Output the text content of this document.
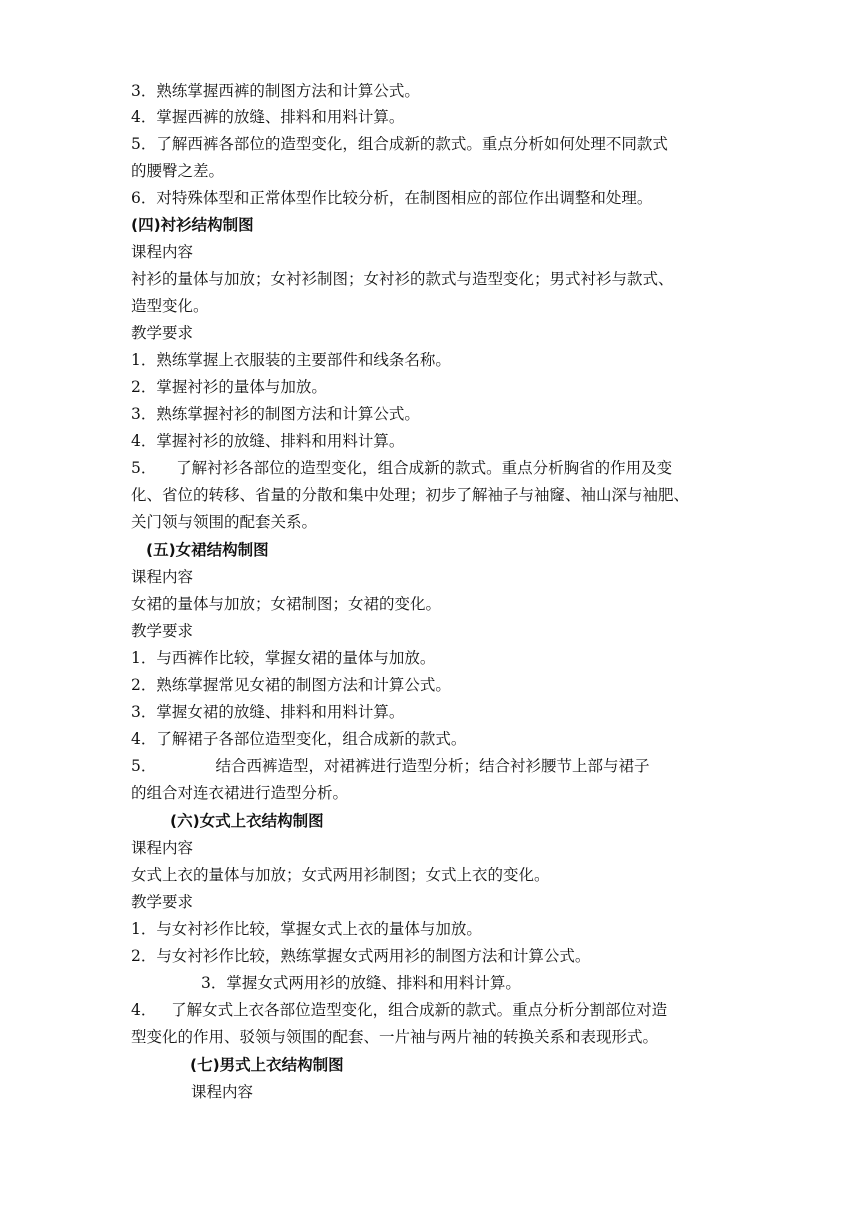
3．熟练掌握西裤的制图方法和计算公式。
4．掌握西裤的放缝、排料和用料计算。
5．了解西裤各部位的造型变化，组合成新的款式。重点分析如何处理不同款式
的腰臀之差。
6．对特殊体型和正常体型作比较分析，在制图相应的部位作出调整和处理。
(四)衬衫结构制图
课程内容
衬衫的量体与加放；女衬衫制图；女衬衫的款式与造型变化；男式衬衫与款式、
造型变化。
教学要求
1．熟练掌握上衣服装的主要部件和线条名称。
2．掌握衬衫的量体与加放。
3．熟练掌握衬衫的制图方法和计算公式。
4．掌握衬衫的放缝、排料和用料计算。
5．    了解衬衫各部位的造型变化，组合成新的款式。重点分析胸省的作用及变
化、省位的转移、省量的分散和集中处理；初步了解袖子与袖窿、袖山深与袖肥、
关门领与领围的配套关系。
(五)女裙结构制图
课程内容
女裙的量体与加放；女裙制图；女裙的变化。
教学要求
1．与西裤作比较，掌握女裙的量体与加放。
2．熟练掌握常见女裙的制图方法和计算公式。
3．掌握女裙的放缝、排料和用料计算。
4．了解裙子各部位造型变化，组合成新的款式。
5．            结合西裤造型，对裙裤进行造型分析；结合衬衫腰节上部与裙子
的组合对连衣裙进行造型分析。
(六)女式上衣结构制图
课程内容
女式上衣的量体与加放；女式两用衫制图；女式上衣的变化。
教学要求
1．与女衬衫作比较，掌握女式上衣的量体与加放。
2．与女衬衫作比较，熟练掌握女式两用衫的制图方法和计算公式。
3．掌握女式两用衫的放缝、排料和用料计算。
4．   了解女式上衣各部位造型变化，组合成新的款式。重点分析分割部位对造
型变化的作用、驳领与领围的配套、一片袖与两片袖的转换关系和表现形式。
(七)男式上衣结构制图
课程内容
